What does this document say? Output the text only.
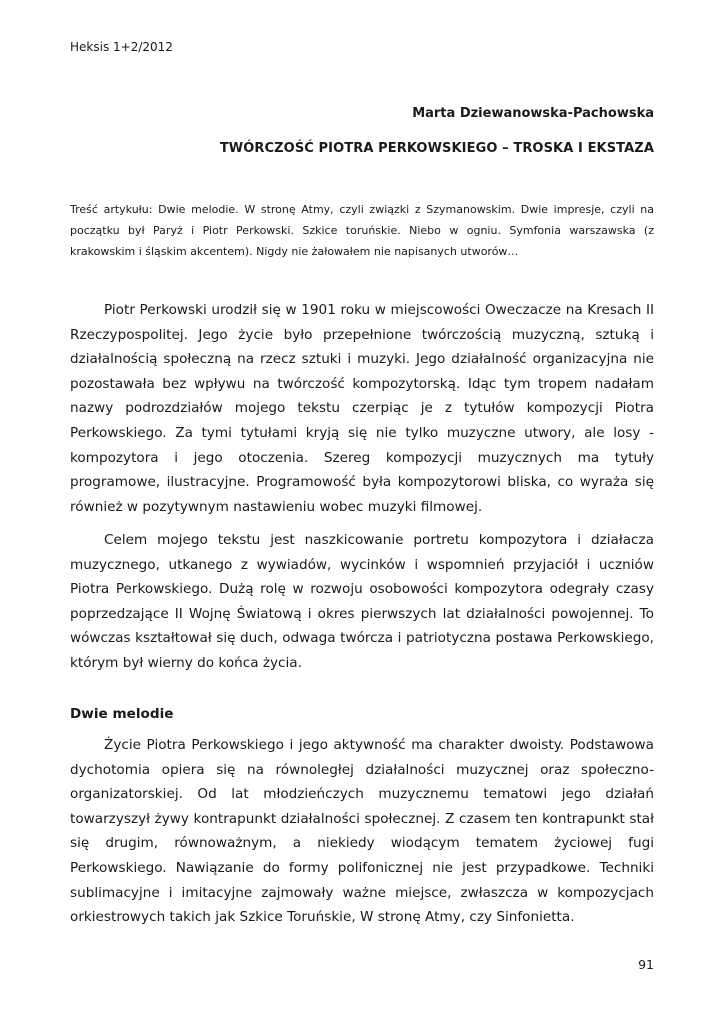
Heksis 1+2/2012
Marta Dziewanowska-Pachowska
TWÓRCZOŚĆ PIOTRA PERKOWSKIEGO – TROSKA I EKSTAZA

Treść artykułu: Dwie melodie. W stronę Atmy, czyli związki z Szymanowskim. Dwie impresje, czyli na początku był Paryż i Piotr Perkowski. Szkice toruńskie. Niebo w ogniu. Symfonia warszawska (z krakowskim i śląskim akcentem). Nigdy nie żałowałem nie napisanych utworów…

Piotr Perkowski urodził się w 1901 roku w miejscowości Oweczacze na Kresach II Rzeczypospolitej. Jego życie było przepełnione twórczością muzyczną, sztuką i działalnością społeczną na rzecz sztuki i muzyki. Jego działalność organizacyjna nie pozostawała bez wpływu na twórczość kompozytorską. Idąc tym tropem nadałam nazwy podrozdziałów mojego tekstu czerpiąc je z tytułów kompozycji Piotra Perkowskiego. Za tymi tytułami kryją się nie tylko muzyczne utwory, ale losy - kompozytora i jego otoczenia. Szereg kompozycji muzycznych ma tytuły programowe, ilustracyjne. Programowość była kompozytorowi bliska, co wyraża się również w pozytywnym nastawieniu wobec muzyki filmowej.

Celem mojego tekstu jest naszkicowanie portretu kompozytora i działacza muzycznego, utkanego z wywiadów, wycinków i wspomnień przyjaciół i uczniów Piotra Perkowskiego. Dużą rolę w rozwoju osobowości kompozytora odegrały czasy poprzedzające II Wojnę Światową i okres pierwszych lat działalności powojennej. To wówczas kształtował się duch, odwaga twórcza i patriotyczna postawa Perkowskiego, którym był wierny do końca życia.

Dwie melodie

Życie Piotra Perkowskiego i jego aktywność ma charakter dwoisty. Podstawowa dychotomia opiera się na równoległej działalności muzycznej oraz społeczno-organizatorskiej. Od lat młodzieńczych muzycznemu tematowi jego działań towarzyszył żywy kontrapunkt działalności społecznej. Z czasem ten kontrapunkt stał się drugim, równoważnym, a niekiedy wiodącym tematem życiowej fugi Perkowskiego. Nawiązanie do formy polifonicznej nie jest przypadkowe. Techniki sublimacyjne i imitacyjne zajmowały ważne miejsce, zwłaszcza w kompozycjach orkiestrowych takich jak Szkice Toruńskie, W stronę Atmy, czy Sinfonietta.

91
